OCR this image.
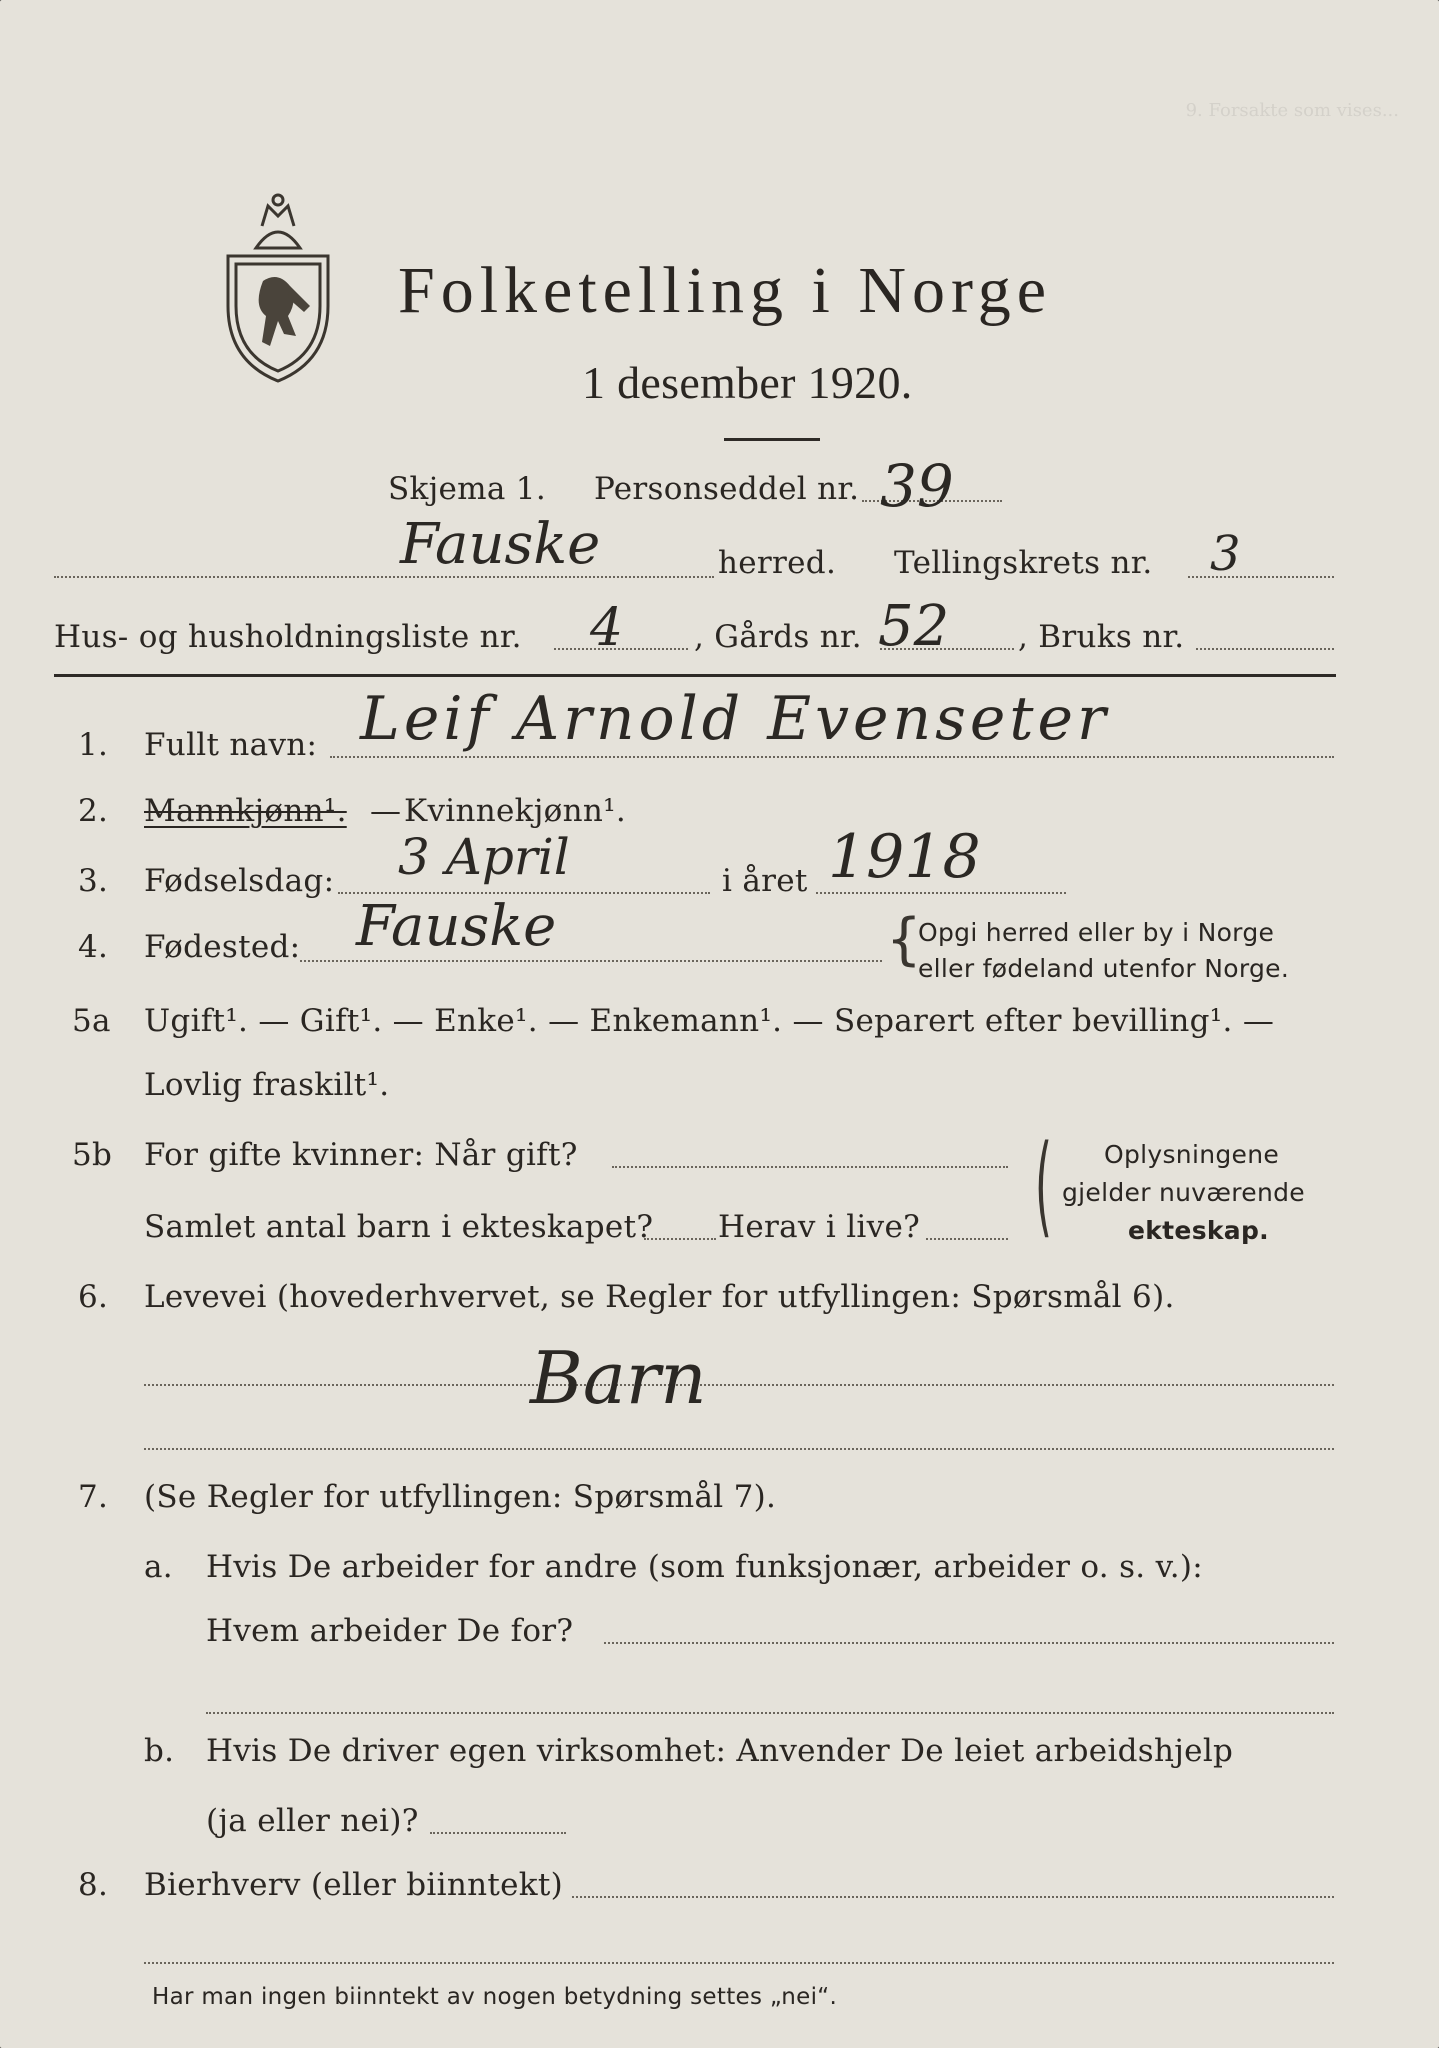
9. Forsakte som vises...
Folketelling i Norge
1 desember 1920.
Skjema 1. Personseddel nr. 39
Fauske	herred. Tellingskrets nr. 3
Hus- og husholdningsliste nr. 4 , Gårds nr. 52 , Bruks nr.
1. Fullt navn: Leif Arnold Evenseter
2. Mannkjønn¹. — Kvinnekjønn¹.
3. Fødselsdag: 3 April	i året 1918
4. Fødested: Fauske	{
Opgi herred eller by i Norge
eller fødeland utenfor Norge.
5a Ugift¹. — Gift¹. — Enke¹. — Enkemann¹. — Separert efter bevilling¹. —
Lovlig fraskilt¹.
5b For gifte kvinner: Når gift?
Samlet antal barn i ekteskapet? Herav i live? ( Oplysningene
gjelder nuværende
ekteskap.
6. Levevei (hovederhvervet, se Regler for utfyllingen: Spørsmål 6).
Barn
7. (Se Regler for utfyllingen: Spørsmål 7).
a. Hvis De arbeider for andre (som funksjonær, arbeider o. s. v.):
Hvem arbeider De for?
b. Hvis De driver egen virksomhet: Anvender De leiet arbeidshjelp
(ja eller nei)?
8. Bierhverv (eller biinntekt)
Har man ingen biinntekt av nogen betydning settes „nei“.
